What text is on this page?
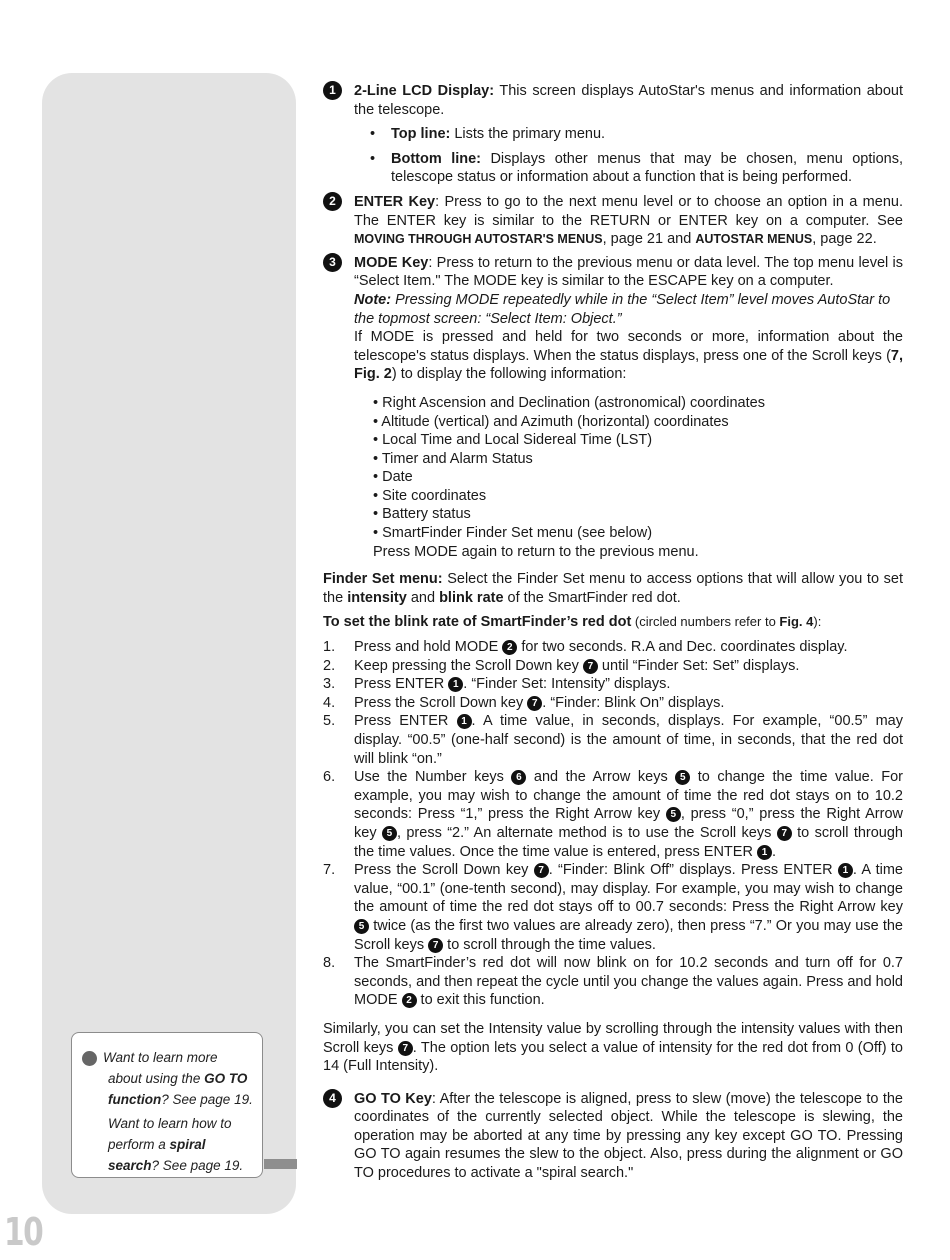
4 Want to learn more about using the GO TO function? See page 19.

Want to learn how to perform a spiral search? See page 19.

10
1	2-Line LCD Display: This screen displays AutoStar's menus and information about the telescope.

• Top line: Lists the primary menu.
• Bottom line: Displays other menus that may be chosen, menu options, telescope status or information about a function that is being performed.
2	ENTER Key: Press to go to the next menu level or to choose an option in a menu. The ENTER key is similar to the RETURN or ENTER key on a computer. See MOVING THROUGH AUTOSTAR'S MENUS, page 21 and AUTOSTAR MENUS, page 22.

3	MODE Key: Press to return to the previous menu or data level. The top menu level is “Select Item." The MODE key is similar to the ESCAPE key on a computer.

Note: Pressing MODE repeatedly while in the “Select Item” level moves AutoStar to the topmost screen: “Select Item: Object.”

If MODE is pressed and held for two seconds or more, information about the telescope's status displays. When the status displays, press one of the Scroll keys (7, Fig. 2) to display the following information:

• Right Ascension and Declination (astronomical) coordinates
• Altitude (vertical) and Azimuth (horizontal) coordinates
• Local Time and Local Sidereal Time (LST)
• Timer and Alarm Status
• Date
• Site coordinates
• Battery status
• SmartFinder Finder Set menu (see below)
Press MODE again to return to the previous menu.

Finder Set menu: Select the Finder Set menu to access options that will allow you to set the intensity and blink rate of the SmartFinder red dot.

To set the blink rate of SmartFinder’s red dot (circled numbers refer to Fig. 4):

1. Press and hold MODE 2 for two seconds. R.A and Dec. coordinates display.
2. Keep pressing the Scroll Down key 7 until “Finder Set: Set” displays.
3. Press ENTER 1 . “Finder Set: Intensity” displays.
4. Press the Scroll Down key 7 . “Finder: Blink On” displays.
5. Press ENTER 1 . A time value, in seconds, displays. For example, “00.5” may display. “00.5” (one-half second) is the amount of time, in seconds, that the red dot will blink “on.”
6. Use the Number keys 6 and the Arrow keys 5 to change the time value. For example, you may wish to change the amount of time the red dot stays on to 10.2 seconds: Press “1,” press the Right Arrow key 5 , press “0,” press the Right Arrow key 5 , press “2.” An alternate method is to use the Scroll keys 7 to scroll through the time values. Once the time value is entered, press ENTER 1 .
7. Press the Scroll Down key 7 . “Finder: Blink Off” displays. Press ENTER 1 . A time value, “00.1” (one-tenth second), may display. For example, you may wish to change the amount of time the red dot stays off to 00.7 seconds: Press the Right Arrow key 5 twice (as the first two values are already zero), then press “7.” Or you may use the Scroll keys 7 to scroll through the time values.
8. The SmartFinder’s red dot will now blink on for 10.2 seconds and turn off for 0.7 seconds, and then repeat the cycle until you change the values again. Press and hold MODE 2 to exit this function.

Similarly, you can set the Intensity value by scrolling through the intensity values with then Scroll keys 7 . The option lets you select a value of intensity for the red dot from 0 (Off) to 14 (Full Intensity).

4	GO TO Key: After the telescope is aligned, press to slew (move) the telescope to the coordinates of the currently selected object. While the telescope is slewing, the operation may be aborted at any time by pressing any key except GO TO. Pressing GO TO again resumes the slew to the object. Also, press during the alignment or GO TO procedures to activate a "spiral search."
